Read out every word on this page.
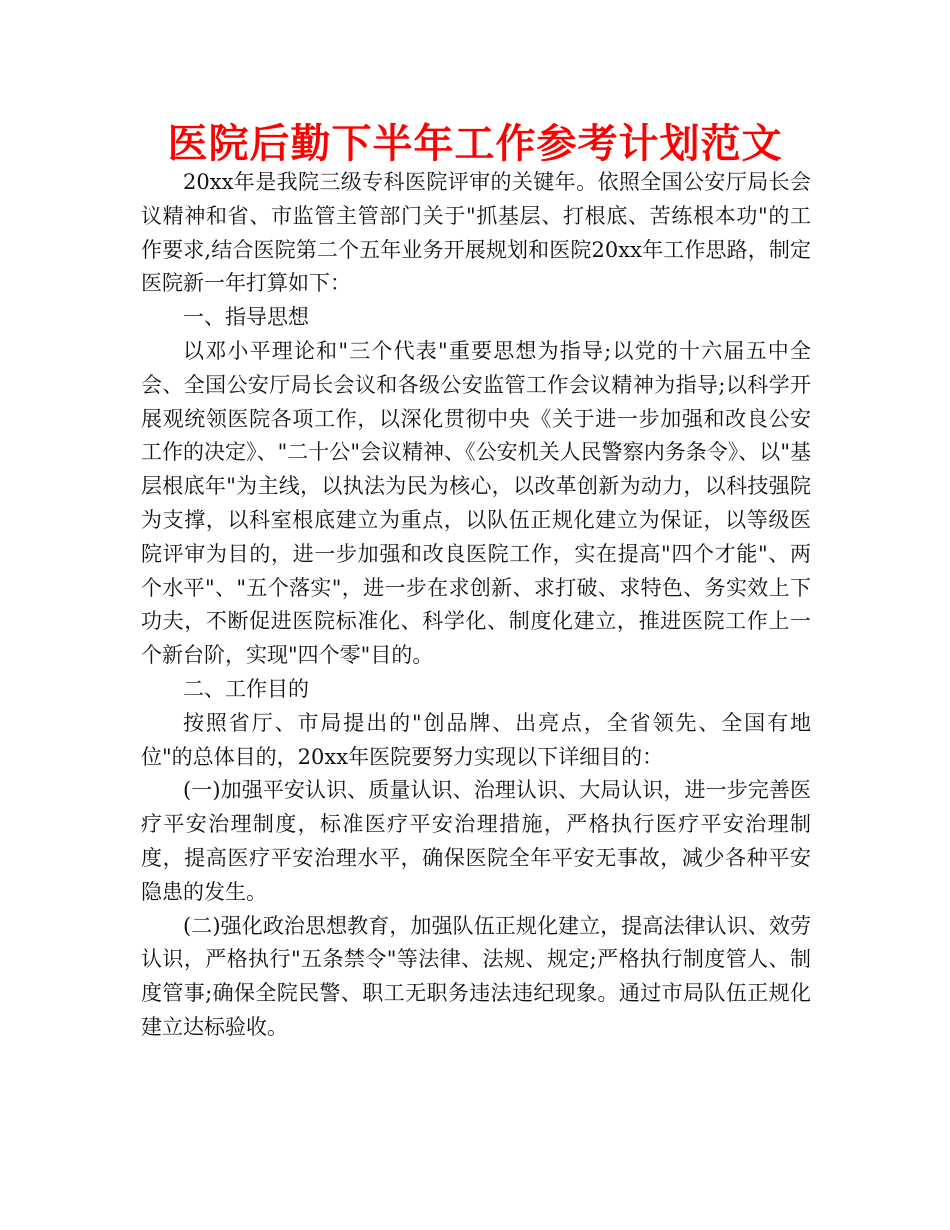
医院后勤下半年工作参考计划范文

20xx年是我院三级专科医院评审的关键年。依照全国公安厅局长会议精神和省、市监管主管部门关于"抓基层、打根底、苦练根本功"的工作要求,结合医院第二个五年业务开展规划和医院20xx年工作思路，制定医院新一年打算如下：

一、指导思想

以邓小平理论和"三个代表"重要思想为指导;以党的十六届五中全会、全国公安厅局长会议和各级公安监管工作会议精神为指导;以科学开展观统领医院各项工作，以深化贯彻中央《关于进一步加强和改良公安工作的决定》、"二十公"会议精神、《公安机关人民警察内务条令》、以"基层根底年"为主线，以执法为民为核心，以改革创新为动力，以科技强院为支撑，以科室根底建立为重点，以队伍正规化建立为保证，以等级医院评审为目的，进一步加强和改良医院工作，实在提高"四个才能"、两个水平"、"五个落实"，进一步在求创新、求打破、求特色、务实效上下功夫，不断促进医院标准化、科学化、制度化建立，推进医院工作上一个新台阶，实现"四个零"目的。

二、工作目的

按照省厅、市局提出的"创品牌、出亮点，全省领先、全国有地位"的总体目的，20xx年医院要努力实现以下详细目的：

(一)加强平安认识、质量认识、治理认识、大局认识，进一步完善医疗平安治理制度，标准医疗平安治理措施，严格执行医疗平安治理制度，提高医疗平安治理水平，确保医院全年平安无事故，减少各种平安隐患的发生。

(二)强化政治思想教育，加强队伍正规化建立，提高法律认识、效劳认识，严格执行"五条禁令"等法律、法规、规定;严格执行制度管人、制度管事;确保全院民警、职工无职务违法违纪现象。通过市局队伍正规化建立达标验收。
